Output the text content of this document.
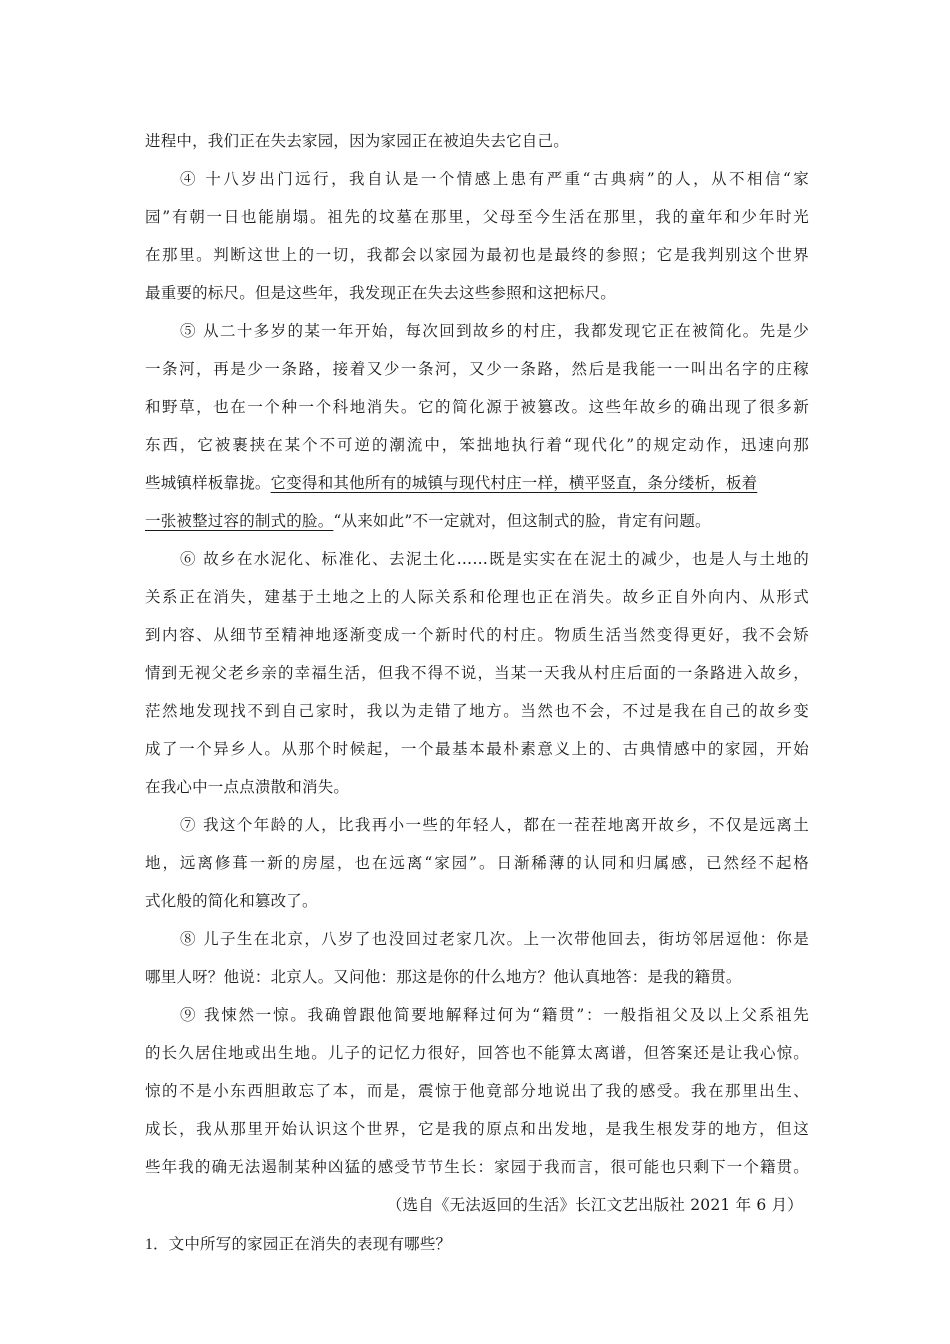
进程中，我们正在失去家园，因为家园正在被迫失去它自己。
④ 十八岁出门远行，我自认是一个情感上患有严重“古典病”的人，从不相信“家
园”有朝一日也能崩塌。祖先的坟墓在那里，父母至今生活在那里，我的童年和少年时光
在那里。判断这世上的一切，我都会以家园为最初也是最终的参照；它是我判别这个世界
最重要的标尺。但是这些年，我发现正在失去这些参照和这把标尺。
⑤ 从二十多岁的某一年开始，每次回到故乡的村庄，我都发现它正在被简化。先是少
一条河，再是少一条路，接着又少一条河，又少一条路，然后是我能一一叫出名字的庄稼
和野草，也在一个种一个科地消失。它的简化源于被篡改。这些年故乡的确出现了很多新
东西，它被裹挟在某个不可逆的潮流中，笨拙地执行着“现代化”的规定动作，迅速向那
些城镇样板靠拢。它变得和其他所有的城镇与现代村庄一样，横平竖直，条分缕析，板着
一张被整过容的制式的脸。“从来如此”不一定就对，但这制式的脸，肯定有问题。
⑥ 故乡在水泥化、标准化、去泥土化……既是实实在在泥土的减少，也是人与土地的
关系正在消失，建基于土地之上的人际关系和伦理也正在消失。故乡正自外向内、从形式
到内容、从细节至精神地逐渐变成一个新时代的村庄。物质生活当然变得更好，我不会矫
情到无视父老乡亲的幸福生活，但我不得不说，当某一天我从村庄后面的一条路进入故乡，
茫然地发现找不到自己家时，我以为走错了地方。当然也不会，不过是我在自己的故乡变
成了一个异乡人。从那个时候起，一个最基本最朴素意义上的、古典情感中的家园，开始
在我心中一点点溃散和消失。
⑦ 我这个年龄的人，比我再小一些的年轻人，都在一茬茬地离开故乡，不仅是远离土
地，远离修葺一新的房屋，也在远离“家园”。日渐稀薄的认同和归属感，已然经不起格
式化般的简化和篡改了。
⑧ 儿子生在北京，八岁了也没回过老家几次。上一次带他回去，街坊邻居逗他：你是
哪里人呀？他说：北京人。又问他：那这是你的什么地方？他认真地答：是我的籍贯。
⑨ 我悚然一惊。我确曾跟他简要地解释过何为“籍贯”：一般指祖父及以上父系祖先
的长久居住地或出生地。儿子的记忆力很好，回答也不能算太离谱，但答案还是让我心惊。
惊的不是小东西胆敢忘了本，而是，震惊于他竟部分地说出了我的感受。我在那里出生、
成长，我从那里开始认识这个世界，它是我的原点和出发地，是我生根发芽的地方，但这
些年我的确无法遏制某种凶猛的感受节节生长：家园于我而言，很可能也只剩下一个籍贯。
（选自《无法返回的生活》长江文艺出版社 2021 年 6 月）
1．文中所写的家园正在消失的表现有哪些？
